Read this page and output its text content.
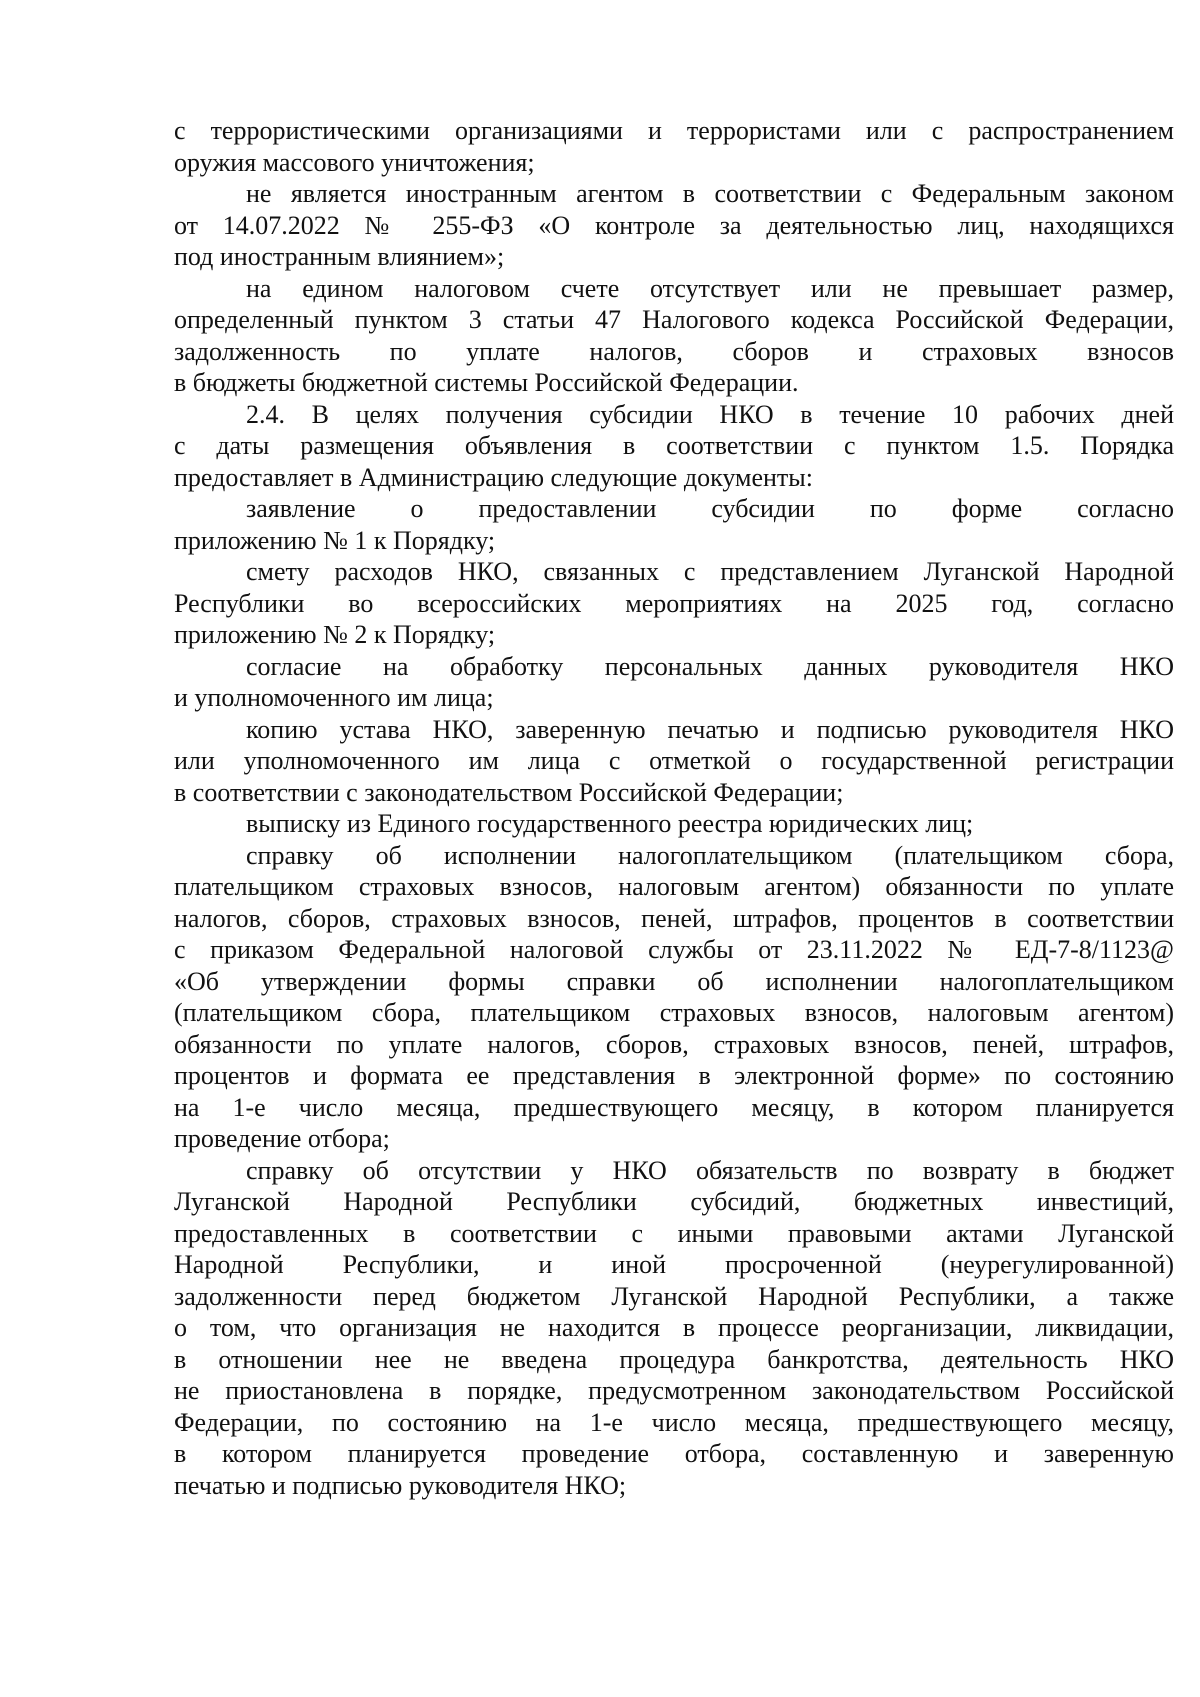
с террористическими организациями и террористами или с распространением
оружия массового уничтожения;
не является иностранным агентом в соответствии с Федеральным законом
от 14.07.2022 № 255-ФЗ «О контроле за деятельностью лиц, находящихся
под иностранным влиянием»;
на едином налоговом счете отсутствует или не превышает размер,
определенный пунктом 3 статьи 47 Налогового кодекса Российской Федерации,
задолженность по уплате налогов, сборов и страховых взносов
в бюджеты бюджетной системы Российской Федерации.
2.4. В целях получения субсидии НКО в течение 10 рабочих дней
с даты размещения объявления в соответствии с пунктом 1.5. Порядка
предоставляет в Администрацию следующие документы:
заявление о предоставлении субсидии по форме согласно
приложению № 1 к Порядку;
смету расходов НКО, связанных с представлением Луганской Народной
Республики во всероссийских мероприятиях на 2025 год, согласно
приложению № 2 к Порядку;
согласие на обработку персональных данных руководителя НКО
и уполномоченного им лица;
копию устава НКО, заверенную печатью и подписью руководителя НКО
или уполномоченного им лица с отметкой о государственной регистрации
в соответствии с законодательством Российской Федерации;
выписку из Единого государственного реестра юридических лиц;
справку об исполнении налогоплательщиком (плательщиком сбора,
плательщиком страховых взносов, налоговым агентом) обязанности по уплате
налогов, сборов, страховых взносов, пеней, штрафов, процентов в соответствии
с приказом Федеральной налоговой службы от 23.11.2022 № ЕД-7-8/1123@
«Об утверждении формы справки об исполнении налогоплательщиком
(плательщиком сбора, плательщиком страховых взносов, налоговым агентом)
обязанности по уплате налогов, сборов, страховых взносов, пеней, штрафов,
процентов и формата ее представления в электронной форме» по состоянию
на 1-е число месяца, предшествующего месяцу, в котором планируется
проведение отбора;
справку об отсутствии у НКО обязательств по возврату в бюджет
Луганской Народной Республики субсидий, бюджетных инвестиций,
предоставленных в соответствии с иными правовыми актами Луганской
Народной Республики, и иной просроченной (неурегулированной)
задолженности перед бюджетом Луганской Народной Республики, а также
о том, что организация не находится в процессе реорганизации, ликвидации,
в отношении нее не введена процедура банкротства, деятельность НКО
не приостановлена в порядке, предусмотренном законодательством Российской
Федерации, по состоянию на 1-е число месяца, предшествующего месяцу,
в котором планируется проведение отбора, составленную и заверенную
печатью и подписью руководителя НКО;
